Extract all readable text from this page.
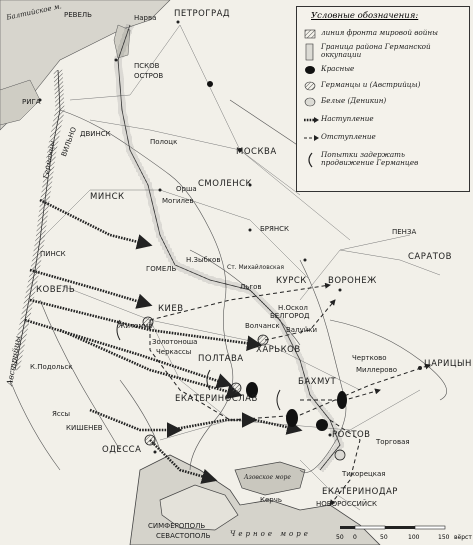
Балтийское м. РЕВЕЛЬ	Нарва ПЕТРОГРАД
ПСКОВ
ОСТРОВ
РИГА
ДВИНСК
ВИЛЬНО	Полоцк
МОСКВА
СМОЛЕНСК
Орша
Могилев
МИНСК
БРЯНСК
Германцы
ПИНСК
ГОМЕЛЬ
Н.Зыбков
Ст. Михайловская
Льгов
КУРСК ВОРОНЕЖ
ПЕНЗА
САРАТОВ
КОВЕЛЬ
КИЕВ
Житомир
БЕЛГОРОД
Н.Оскол
Валуйки
Волчанск
ХАРЬКОВ
Золотоноша
Черкассы
ПОЛТАВА
К.Подольск
ЕКАТЕРИНОСЛАВ
БАХМУТ
Чертково
Миллерово
ЦАРИЦЫН
Яссы
КИШЕНЕВ
ОДЕССА
РОСТОВ
Торговая
Тихорецкая
Азовское море
Керчь
СИМФЕРОПОЛЬ
СЕВАСТОПОЛЬ
ЕКАТЕРИНОДАР
НОВОРОССИЙСК
Черное море
Австрийцы
Условные обозначения:
линия фронта мировой войны
Граница района Германской
оккупации
Красные
Германцы и (Австрийцы)
Белые (Деникин)
Наступление
Отступление
Попытки задержать
продвижение Германцев
50 0	50	100	150 вёрст
